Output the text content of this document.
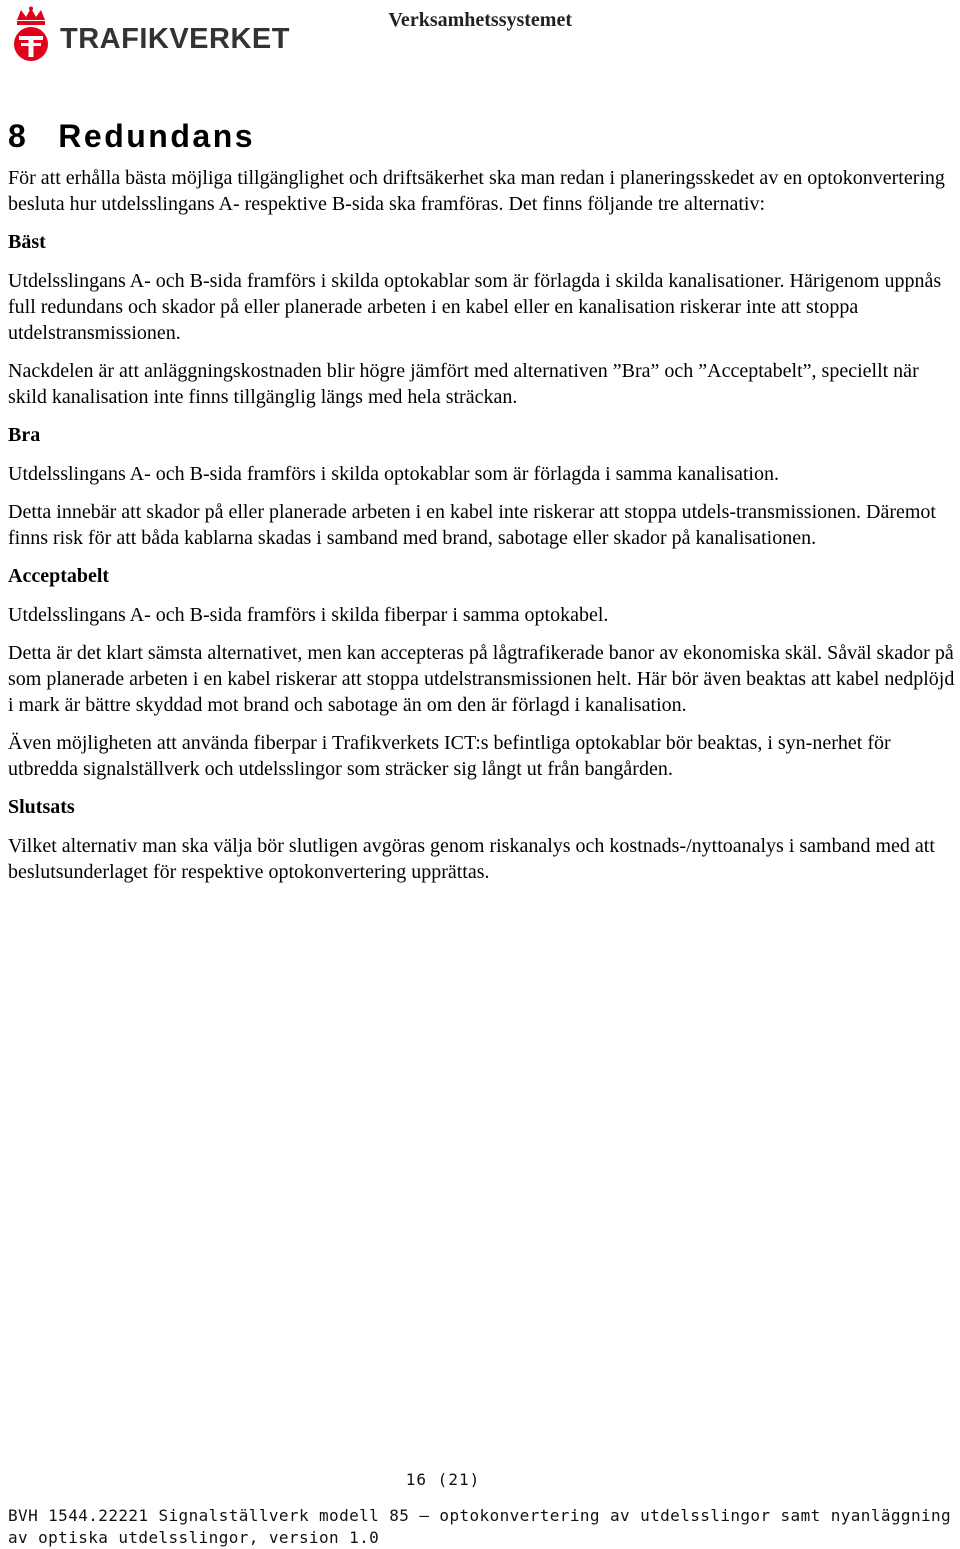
TRAFIKVERKET
Verksamhetssystemet
8 Redundans

För att erhålla bästa möjliga tillgänglighet och driftsäkerhet ska man redan i planeringsskedet av en optokonvertering besluta hur utdelsslingans A- respektive B-sida ska framföras. Det finns följande tre alternativ:

Bäst

Utdelsslingans A- och B-sida framförs i skilda optokablar som är förlagda i skilda kanalisationer. Härigenom uppnås full redundans och skador på eller planerade arbeten i en kabel eller en kanalisation riskerar inte att stoppa utdelstransmissionen.

Nackdelen är att anläggningskostnaden blir högre jämfört med alternativen ”Bra” och ”Acceptabelt”, speciellt när skild kanalisation inte finns tillgänglig längs med hela sträckan.

Bra

Utdelsslingans A- och B-sida framförs i skilda optokablar som är förlagda i samma kanalisation.

Detta innebär att skador på eller planerade arbeten i en kabel inte riskerar att stoppa utdels-transmissionen. Däremot finns risk för att båda kablarna skadas i samband med brand, sabotage eller skador på kanalisationen.

Acceptabelt

Utdelsslingans A- och B-sida framförs i skilda fiberpar i samma optokabel.

Detta är det klart sämsta alternativet, men kan accepteras på lågtrafikerade banor av ekonomiska skäl. Såväl skador på som planerade arbeten i en kabel riskerar att stoppa utdelstransmissionen helt. Här bör även beaktas att kabel nedplöjd i mark är bättre skyddad mot brand och sabotage än om den är förlagd i kanalisation.

Även möjligheten att använda fiberpar i Trafikverkets ICT:s befintliga optokablar bör beaktas, i syn-nerhet för utbredda signalställverk och utdelsslingor som sträcker sig långt ut från bangården.

Slutsats

Vilket alternativ man ska välja bör slutligen avgöras genom riskanalys och kostnads-/nyttoanalys i samband med att beslutsunderlaget för respektive optokonvertering upprättas.

16 (21)
BVH 1544.22221 Signalställverk modell 85 – optokonvertering av utdelsslingor samt nyanläggning av optiska utdelsslingor, version 1.0
